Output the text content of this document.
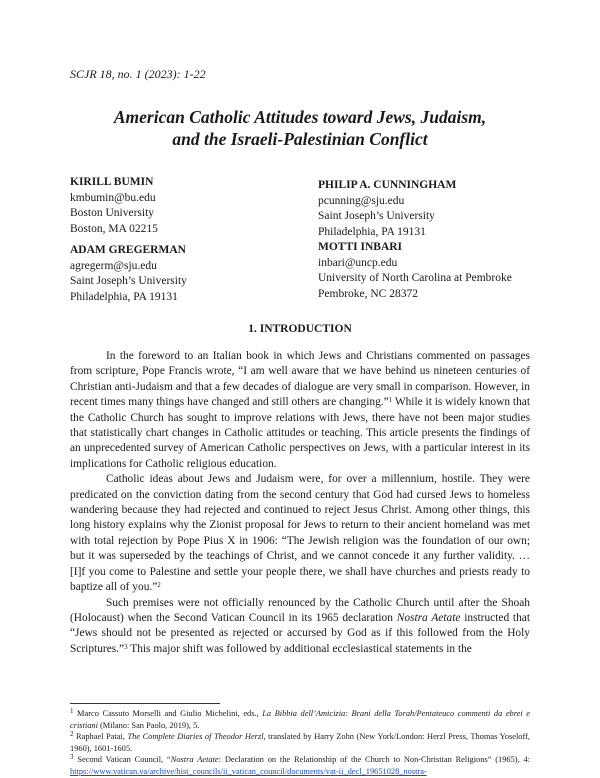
SCJR 18, no. 1 (2023): 1-22
American Catholic Attitudes toward Jews, Judaism,
and the Israeli-Palestinian Conflict
KIRILL BUMIN
kmbumin@bu.edu
Boston University
Boston, MA 02215
PHILIP A. CUNNINGHAM
pcunning@sju.edu
Saint Joseph’s University
Philadelphia, PA 19131
ADAM GREGERMAN
agregerm@sju.edu
Saint Joseph’s University
Philadelphia, PA 19131
MOTTI INBARI
inbari@uncp.edu
University of North Carolina at Pembroke
Pembroke, NC 28372
1. INTRODUCTION

In the foreword to an Italian book in which Jews and Christians commented on passages from scripture, Pope Francis wrote, “I am well aware that we have behind us nineteen centuries of Christian anti-Judaism and that a few decades of dialogue are very small in comparison. However, in recent times many things have changed and still others are changing.”$^1$ While it is widely known that the Catholic Church has sought to improve relations with Jews, there have not been major studies that statistically chart changes in Catholic attitudes or teaching. This article presents the findings of an unprecedented survey of American Catholic perspectives on Jews, with a particular interest in its implications for Catholic religious education.

Catholic ideas about Jews and Judaism were, for over a millennium, hostile. They were predicated on the conviction dating from the second century that God had cursed Jews to homeless wandering because they had rejected and continued to reject Jesus Christ. Among other things, this long history explains why the Zionist proposal for Jews to return to their ancient homeland was met with total rejection by Pope Pius X in 1906: “The Jewish religion was the foundation of our own; but it was superseded by the teachings of Christ, and we cannot concede it any further validity. … [I]f you come to Palestine and settle your people there, we shall have churches and priests ready to baptize all of you.”$^2$

Such premises were not officially renounced by the Catholic Church until after the Shoah (Holocaust) when the Second Vatican Council in its 1965 declaration Nostra Aetate instructed that “Jews should not be presented as rejected or accursed by God as if this followed from the Holy Scriptures.”$^3$ This major shift was followed by additional ecclesiastical statements in the

$^1$ Marco Cassuto Morselli and Giulio Michelini, eds., La Bibbia dell’Amicizia: Brani della Torah/Pentateuco commenti da ebrei e cristiani (Milano: San Paolo, 2019), 5.

$^2$ Raphael Patai, The Complete Diaries of Theodor Herzl, translated by Harry Zohn (New York/London: Herzl Press, Thomas Yoseloff, 1960), 1601-1605.

$^3$ Second Vatican Council, “Nostra Aetate: Declaration on the Relationship of the Church to Non-Christian Religions” (1965), 4: https://www.vatican.va/archive/hist_councils/ii_vatican_council/documents/vat-ii_decl_19651028_nostra-
